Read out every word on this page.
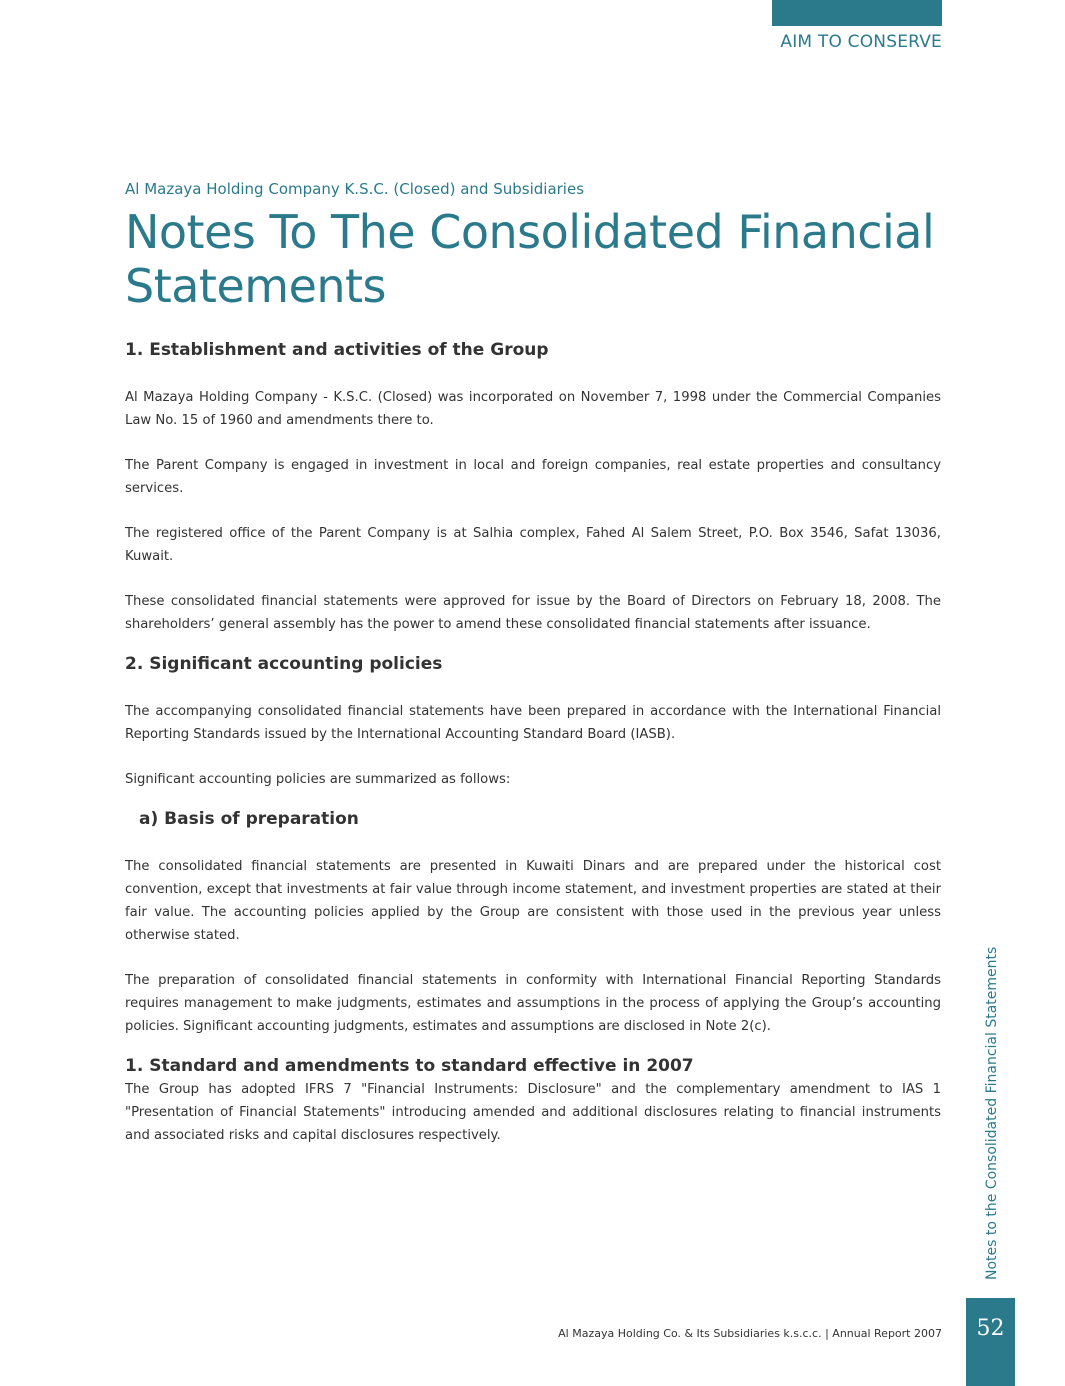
AIM TO CONSERVE
Al Mazaya Holding Company K.S.C. (Closed) and Subsidiaries
Notes To The Consolidated Financial Statements
1. Establishment and activities of the Group

Al Mazaya Holding Company - K.S.C. (Closed) was incorporated on November 7, 1998 under the Commercial Companies Law No. 15 of 1960 and amendments there to.

The Parent Company is engaged in investment in local and foreign companies, real estate properties and consultancy services.

The registered office of the Parent Company is at Salhia complex, Fahed Al Salem Street, P.O. Box 3546, Safat 13036, Kuwait.

These consolidated financial statements were approved for issue by the Board of Directors on February 18, 2008. The shareholders’ general assembly has the power to amend these consolidated financial statements after issuance.

2. Significant accounting policies

The accompanying consolidated financial statements have been prepared in accordance with the International Financial Reporting Standards issued by the International Accounting Standard Board (IASB).

Significant accounting policies are summarized as follows:

a) Basis of preparation

The consolidated financial statements are presented in Kuwaiti Dinars and are prepared under the historical cost convention, except that investments at fair value through income statement, and investment properties are stated at their fair value. The accounting policies applied by the Group are consistent with those used in the previous year unless otherwise stated.

The preparation of consolidated financial statements in conformity with International Financial Reporting Standards requires management to make judgments, estimates and assumptions in the process of applying the Group’s accounting policies. Significant accounting judgments, estimates and assumptions are disclosed in Note 2(c).

1. Standard and amendments to standard effective in 2007

The Group has adopted IFRS 7 "Financial Instruments: Disclosure" and the complementary amendment to IAS 1 "Presentation of Financial Statements" introducing amended and additional disclosures relating to financial instruments and associated risks and capital disclosures respectively.	Notes to the Consolidated Financial Statements
Al Mazaya Holding Co. & Its Subsidiaries k.s.c.c. | Annual Report 2007	52
